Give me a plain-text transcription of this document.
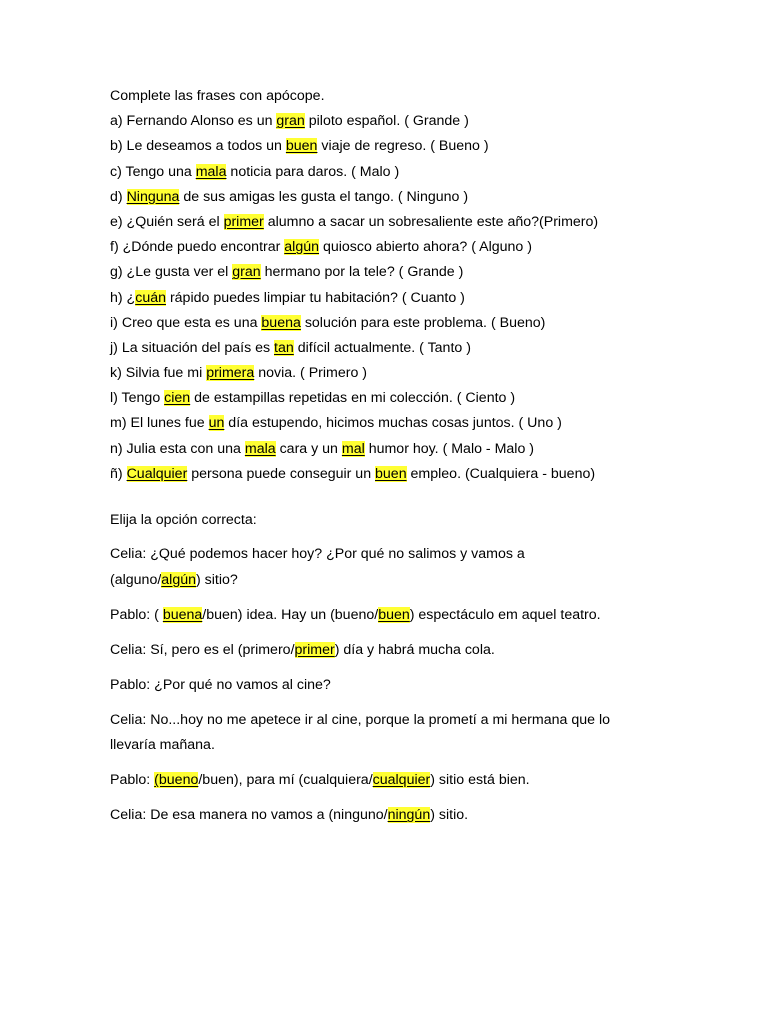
Complete las frases con apócope.
a) Fernando Alonso es un gran piloto español. ( Grande )
b) Le deseamos a todos un buen viaje de regreso. ( Bueno )
c) Tengo una mala noticia para daros. ( Malo )
d) Ninguna de sus amigas les gusta el tango. ( Ninguno )
e) ¿Quién será el primer alumno a sacar un sobresaliente este año?(Primero)
f) ¿Dónde puedo encontrar algún quiosco abierto ahora? ( Alguno )
g) ¿Le gusta ver el gran hermano por la tele? ( Grande )
h) ¿cuán rápido puedes limpiar tu habitación? ( Cuanto )
i) Creo que esta es una buena solución para este problema. ( Bueno)
j) La situación del país es tan difícil actualmente. ( Tanto )
k) Silvia fue mi primera novia. ( Primero )
l) Tengo cien de estampillas repetidas en mi colección. ( Ciento )
m) El lunes fue un día estupendo, hicimos muchas cosas juntos. ( Uno )
n) Julia esta con una mala cara y un mal humor hoy. ( Malo - Malo )
ñ) Cualquier persona puede conseguir un buen empleo. (Cualquiera - bueno)
Elija la opción correcta:
Celia: ¿Qué podemos hacer hoy? ¿Por qué no salimos y vamos a
(alguno/algún) sitio?
Pablo: ( buena/buen) idea. Hay un (bueno/buen) espectáculo em aquel teatro.
Celia: Sí, pero es el (primero/primer) día y habrá mucha cola.
Pablo: ¿Por qué no vamos al cine?
Celia: No...hoy no me apetece ir al cine, porque la prometí a mi hermana que lo
llevaría mañana.
Pablo: (bueno/buen), para mí (cualquiera/cualquier) sitio está bien.
Celia: De esa manera no vamos a (ninguno/ningún) sitio.
